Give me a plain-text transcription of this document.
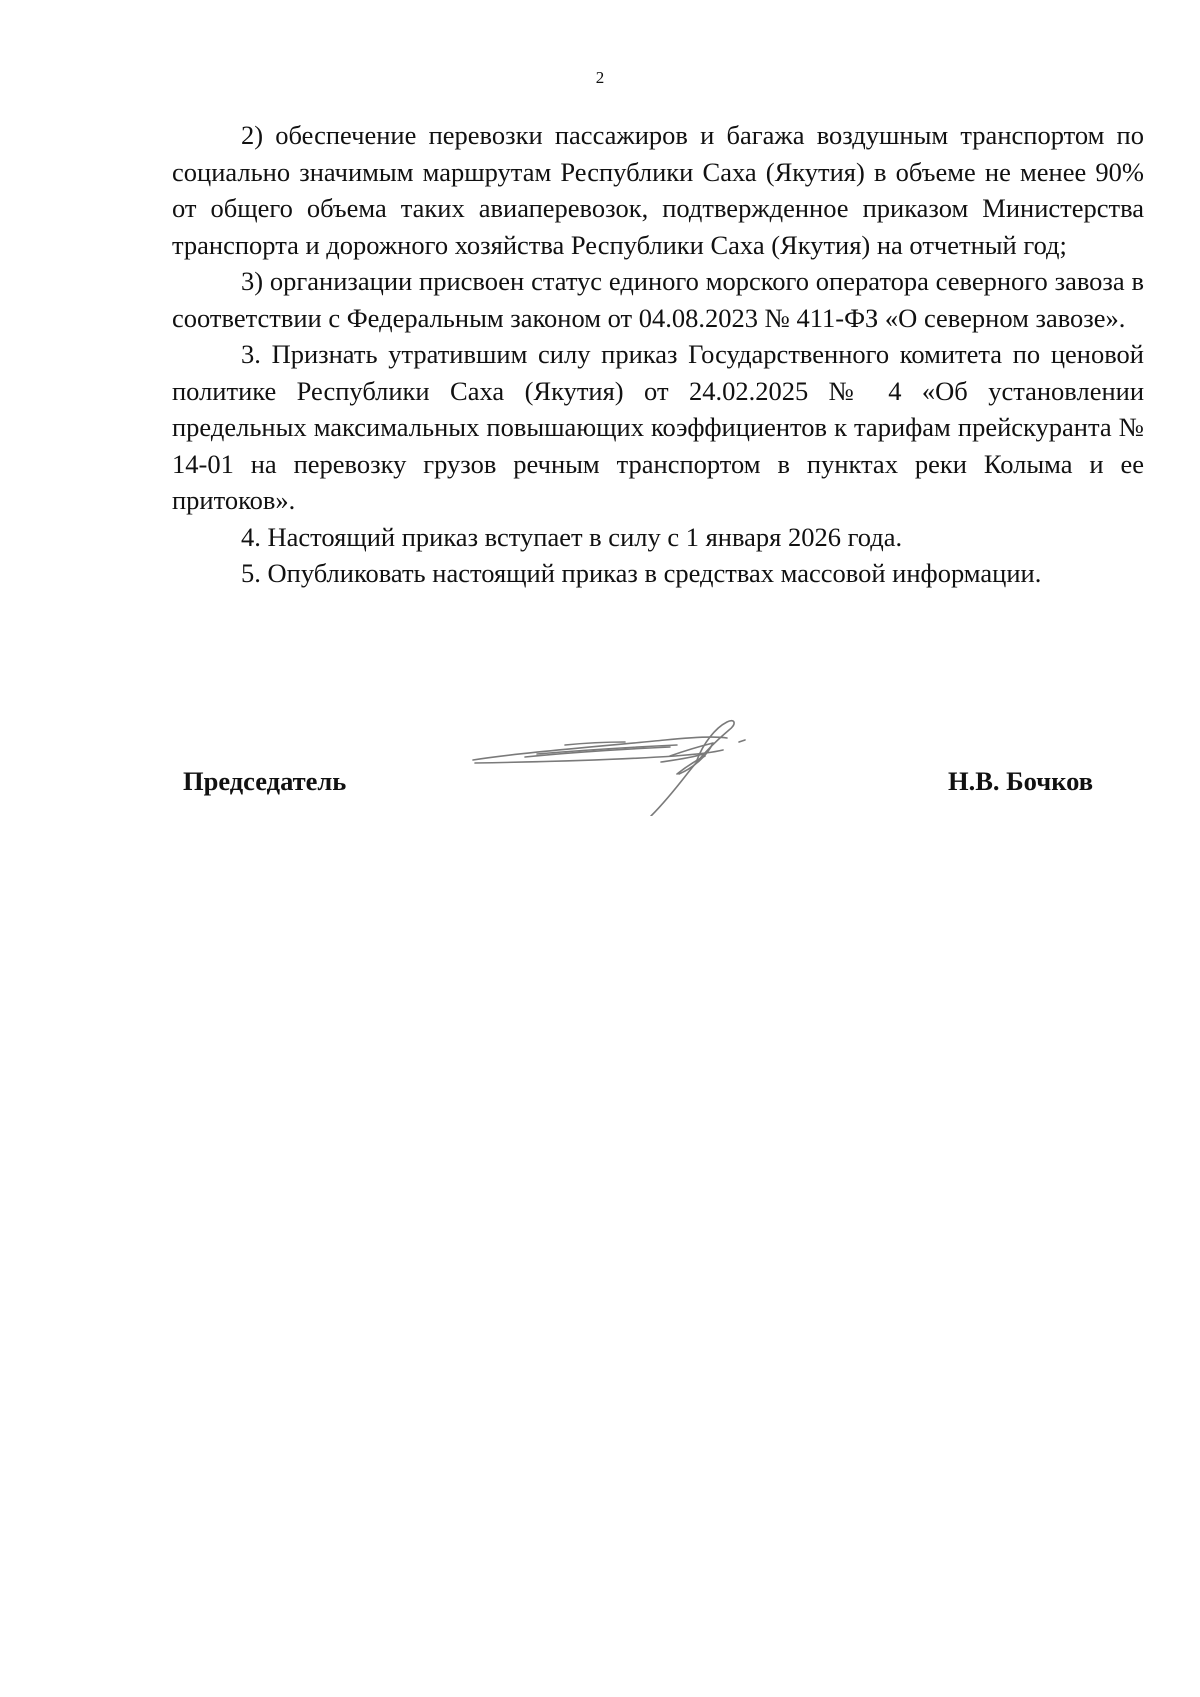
2

2) обеспечение перевозки пассажиров и багажа воздушным транспортом по социально значимым маршрутам Республики Саха (Якутия) в объеме не менее 90% от общего объема таких авиаперевозок, подтвержденное приказом Министерства транспорта и дорожного хозяйства Республики Саха (Якутия) на отчетный год;

3) организации присвоен статус единого морского оператора северного завоза в соответствии с Федеральным законом от 04.08.2023 № 411-ФЗ «О северном завозе».

3. Признать утратившим силу приказ Государственного комитета по ценовой политике Республики Саха (Якутия) от 24.02.2025 № 4 «Об установлении предельных максимальных повышающих коэффициентов к тарифам прейскуранта № 14-01 на перевозку грузов речным транспортом в пунктах реки Колыма и ее притоков».

4. Настоящий приказ вступает в силу с 1 января 2026 года.

5. Опубликовать настоящий приказ в средствах массовой информации.

Председатель	Н.В. Бочков
